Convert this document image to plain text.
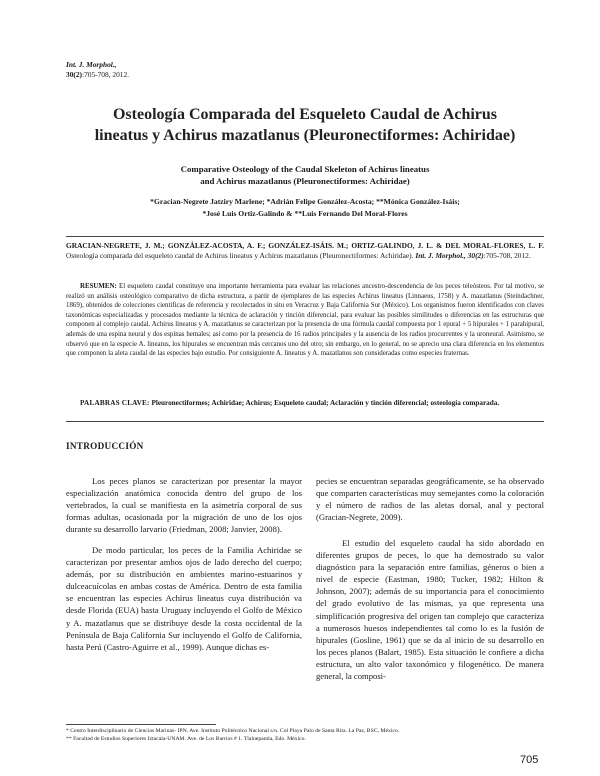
Int. J. Morphol.,
30(2):705-708, 2012.
Osteología Comparada del Esqueleto Caudal de Achirus
lineatus y Achirus mazatlanus (Pleuronectiformes: Achiridae)
Comparative Osteology of the Caudal Skeleton of Achirus lineatus
and Achirus mazatlanus (Pleuronectiformes: Achiridae)
*Gracian-Negrete Jatziry Marlene; *Adrián Felipe González-Acosta; **Mónica González-Isáis;
*José Luis Ortiz-Galindo & **Luis Fernando Del Moral-Flores
GRACIAN-NEGRETE, J. M.; GONZÁLEZ-ACOSTA, A. F.; GONZÁLEZ-ISÁIS. M.; ORTIZ-GALINDO, J. L. & DEL MORAL-FLORES, L. F. Osteología comparada del esqueleto caudal de Achirus lineatus y Achirus mazatlanus (Pleuronectiformes: Achiridae). Int. J. Morphol., 30(2):705-708, 2012.
RESUMEN: El esqueleto caudal constituye una importante herramienta para evaluar las relaciones ancestro-descendencia de los peces teleósteos. Por tal motivo, se realizó un análisis osteológico comparativo de dicha estructura, a partir de ejemplares de las especies Achirus lineatus (Linnaeus, 1758) y A. mazatlanus (Steindachner, 1869), obtenidos de colecciones científicas de referencia y recolectados in situ en Veracruz y Baja California Sur (México). Los organismos fueron identificados con claves taxonómicas especializadas y procesados mediante la técnica de aclaración y tinción diferencial, para evaluar las posibles similitudes o diferencias en las estructuras que componen al complejo caudal. Achirus lineatus y A. mazatlanus se caracterizan por la presencia de una fórmula caudal compuesta por 1 epural + 5 hipurales + 1 parahipural, además de una espina neural y dos espinas hemales; así como por la presencia de 16 radios principales y la ausencia de los radios procurrentes y la uroneural. Asimismo, se observó que en la especie A. lineatus, los hipurales se encuentran más cercanos uno del otro; sin embargo, en lo general, no se aprecio una clara diferencia en los elementos que componen la aleta caudal de las especies bajo estudio. Por consiguiente A. lineatus y A. mazatlanus son consideradas como especies fraternas.
PALABRAS CLAVE: Pleuronectiformes; Achiridae; Achirus; Esqueleto caudal; Aclaración y tinción diferencial; osteología comparada.
INTRODUCCIÓN

Los peces planos se caracterizan por presentar la mayor especialización anatómica conocida dentro del grupo de los vertebrados, la cual se manifiesta en la asimetría corporal de sus formas adultas, ocasionada por la migración de uno de los ojos durante su desarrollo larvario (Friedman, 2008; Janvier, 2008).

De modo particular, los peces de la Familia Achiridae se caracterizan por presentar ambos ojos de lado derecho del cuerpo; además, por su distribución en ambientes marino-estuarinos y dulceacuícolas en ambas costas de América. Dentro de esta familia se encuentran las especies Achirus lineatus cuya distribución va desde Florida (EUA) hasta Uruguay incluyendo el Golfo de México y A. mazatlanus que se distribuye desde la costa occidental de la Península de Baja California Sur incluyendo el Golfo de California, hasta Perú (Castro-Aguirre et al., 1999). Aunque dichas es-

pecies se encuentran separadas geográficamente, se ha observado que comparten características muy semejantes como la coloración y el número de radios de las aletas dorsal, anal y pectoral (Gracian-Negrete, 2009).

El estudio del esqueleto caudal ha sido abordado en diferentes grupos de peces, lo que ha demostrado su valor diagnóstico para la separación entre familias, géneros o bien a nivel de especie (Eastman, 1980; Tucker, 1982; Hilton & Johnson, 2007); además de su importancia para el conocimiento del grado evolutivo de las mismas, ya que representa una simplificación progresiva del origen tan complejo que caracteriza a numerosos huesos independientes tal como lo es la fusión de hipurales (Gosline, 1961) que se da al inicio de su desarrollo en los peces planos (Balart, 1985). Esta situación le confiere a dicha estructura, un alto valor taxonómico y filogenético. De manera general, la composi-

* Centro Interdisciplinario de Ciencias Marinas- IPN. Ave. Instituto Politécnico Nacional s/n. Col Playa Palo de Santa Rita. La Paz, BSC, México.
** Facultad de Estudios Superiores Iztacala-UNAM. Ave. de Los Barrios # 1. Tlalnepantla, Edo. México.
705
